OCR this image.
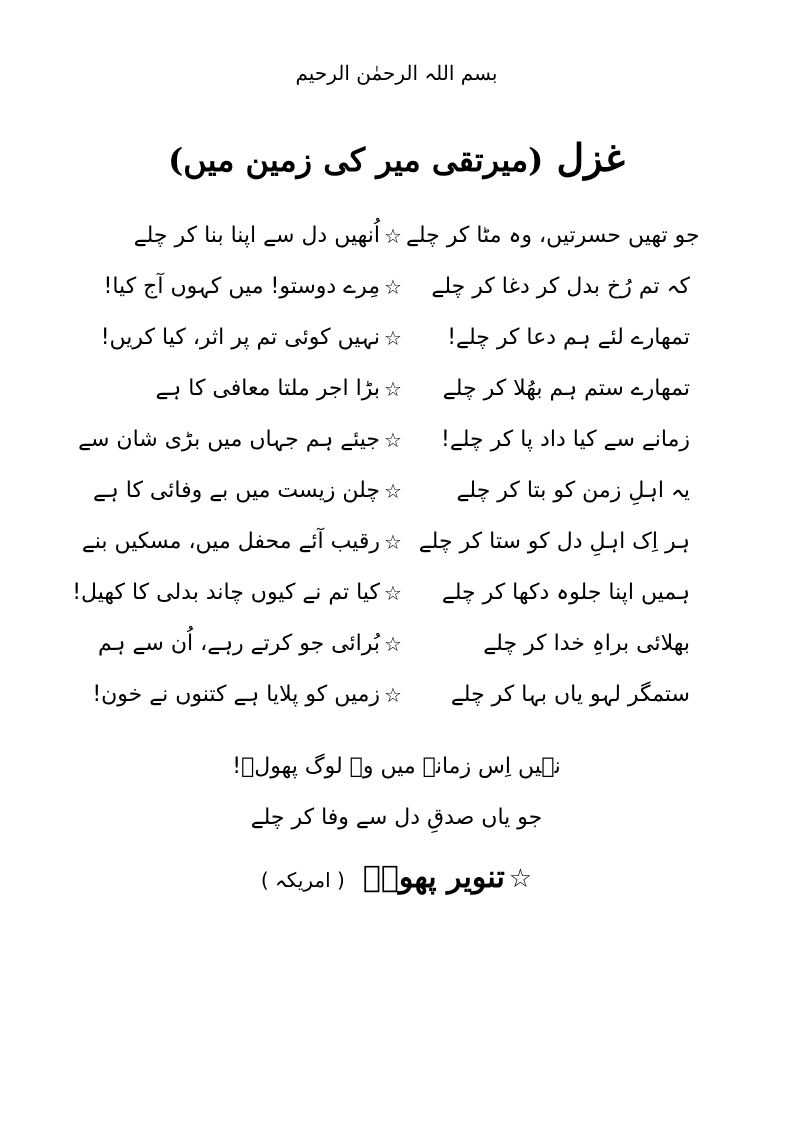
بسم اللہ الرحمٰن الرحیم
غزل (میرتقی میر کی زمین میں)
اُنھیں دل سے اپنا بنا کر چلے ☆ جو تھیں حسرتیں، وہ مٹا کر چلے
مِرے دوستو! میں کہوں آج کیا! ☆	کہ تم رُخ بدل کر دغا کر چلے
نہیں کوئی تم پر اثر، کیا کریں! ☆	تمھارے لئے ہم دعا کر چلے!
بڑا اجر ملتا معافی کا ہے ☆	تمھارے ستم ہم بھُلا کر چلے
جیئے ہم جہاں میں بڑی شان سے ☆	زمانے سے کیا داد پا کر چلے!
چلن زیست میں بے وفائی کا ہے ☆	یہ اہلِ زمن کو بتا کر چلے
رقیب آئے محفل میں، مسکیں بنے ☆ ہر اِک اہلِ دل کو ستا کر چلے
کیا تم نے کیوں چاند بدلی کا کھیل! ☆	ہمیں اپنا جلوہ دکھا کر چلے
بُرائی جو کرتے رہے، اُن سے ہم ☆	بھلائی براہِ خدا کر چلے
زمیں کو پلایا ہے کتنوں نے خون! ☆	ستمگر لہو یاں بہا کر چلے
نہیں اِس زمانے میں وہ لوگ پھولؔ!
جو یاں صدقِ دل سے وفا کر چلے
☆
تنویر پھولؔ
( امریکہ )
